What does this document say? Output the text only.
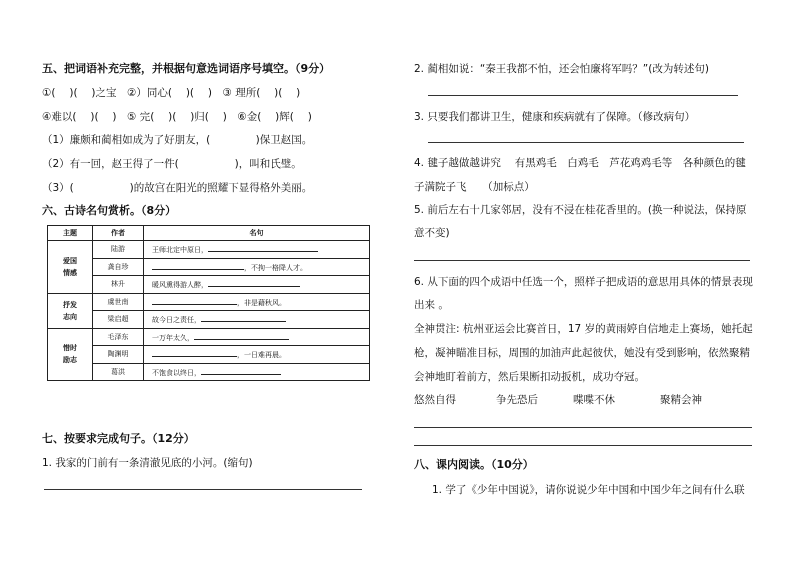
五、把词语补充完整，并根据句意选词语序号填空。（9分）
①(　 )(　 )之宝　②）同心(　 )(　 )　③ 理所(　 )(　 )
④难以(　 )(　 )　⑤ 完(　 )(　 )归(　 )　⑥金(　 )辉(　 )
（1）廉颇和蔺相如成为了好朋友，(　　　　 )保卫赵国。
（2）有一回，赵王得了一件(　　　　　 )，叫和氏璧。
（3）(　　　　　 )的故宫在阳光的照耀下显得格外美丽。
六、古诗名句赏析。（8分）
主题	作者	名句
爱国
情感	陆游	王师北定中原日，
	龚自珍	，不拘一格降人才。
	林升	暖风熏得游人醉，
抒发
志向	虞世南	，非是藉秋风。
	梁启超	故今日之责任，
惜时
励志	毛泽东	一万年太久，
	陶渊明	，一日难再晨。
	葛洪	不饱食以终日，
七、按要求完成句子。（12分）
1. 我家的门前有一条清澈见底的小河。(缩句)
2. 蔺相如说：“秦王我都不怕，还会怕廉将军吗？”(改为转述句)
3. 只要我们都讲卫生，健康和疾病就有了保障。（修改病句）
4. 毽子越做越讲究　 有黑鸡毛　白鸡毛　芦花鸡鸡毛等　各种颜色的毽
子满院子飞　　（加标点）
5. 前后左右十几家邻居，没有不浸在桂花香里的。(换一种说法，保持原
意不变)
6. 从下面的四个成语中任选一个，照样子把成语的意思用具体的情景表现
出来 。
全神贯注: 杭州亚运会比赛首日，17 岁的黄雨婷自信地走上赛场，她托起
枪，凝神瞄准目标，周围的加油声此起彼伏，她没有受到影响，依然聚精
会神地盯着前方，然后果断扣动扳机，成功夺冠。
悠然自得	争先恐后	喋喋不休	聚精会神
八、课内阅读。（10分）
1. 学了《少年中国说》，请你说说少年中国和中国少年之间有什么联
